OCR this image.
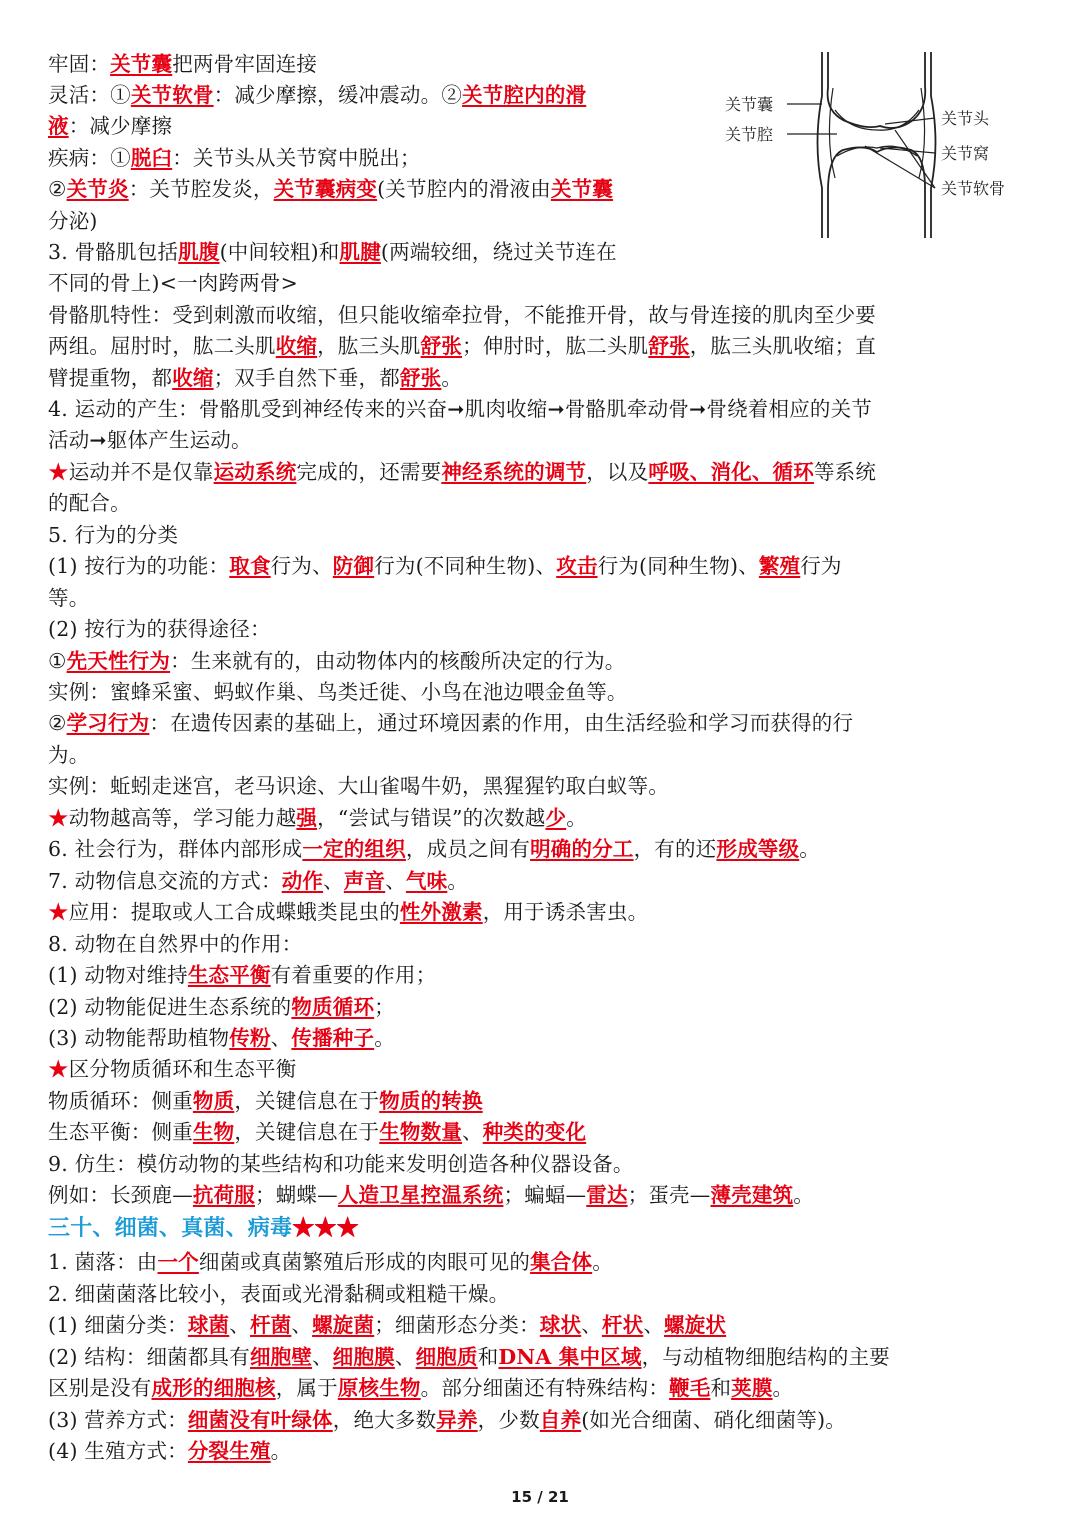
关节囊
关节腔
关节头
关节窝
关节软骨
牢固：关节囊把两骨牢固连接
灵活：①关节软骨：减少摩擦，缓冲震动。②关节腔内的滑
液：减少摩擦
疾病：①脱臼：关节头从关节窝中脱出；
②关节炎：关节腔发炎，关节囊病变(关节腔内的滑液由关节囊
分泌)
3. 骨骼肌包括肌腹(中间较粗)和肌腱(两端较细，绕过关节连在
不同的骨上)<一肉跨两骨>
骨骼肌特性：受到刺激而收缩，但只能收缩牵拉骨，不能推开骨，故与骨连接的肌肉至少要
两组。屈肘时，肱二头肌收缩，肱三头肌舒张；伸肘时，肱二头肌舒张，肱三头肌收缩；直
臂提重物，都收缩；双手自然下垂，都舒张。
4. 运动的产生：骨骼肌受到神经传来的兴奋➞肌肉收缩➞骨骼肌牵动骨➞骨绕着相应的关节
活动➞躯体产生运动。
★运动并不是仅靠运动系统完成的，还需要神经系统的调节，以及呼吸、消化、循环等系统
的配合。
5. 行为的分类
(1) 按行为的功能：取食行为、防御行为(不同种生物)、攻击行为(同种生物)、繁殖行为
等。
(2) 按行为的获得途径：
①先天性行为：生来就有的，由动物体内的核酸所决定的行为。
实例：蜜蜂采蜜、蚂蚁作巢、鸟类迁徙、小鸟在池边喂金鱼等。
②学习行为：在遗传因素的基础上，通过环境因素的作用，由生活经验和学习而获得的行
为。
实例：蚯蚓走迷宫，老马识途、大山雀喝牛奶，黑猩猩钓取白蚁等。
★动物越高等，学习能力越强，“尝试与错误”的次数越少。
6. 社会行为，群体内部形成一定的组织，成员之间有明确的分工，有的还形成等级。
7. 动物信息交流的方式：动作、声音、气味。
★应用：提取或人工合成蝶蛾类昆虫的性外激素，用于诱杀害虫。
8. 动物在自然界中的作用：
(1) 动物对维持生态平衡有着重要的作用；
(2) 动物能促进生态系统的物质循环；
(3) 动物能帮助植物传粉、传播种子。
★区分物质循环和生态平衡
物质循环：侧重物质，关键信息在于物质的转换
生态平衡：侧重生物，关键信息在于生物数量、种类的变化
9. 仿生：模仿动物的某些结构和功能来发明创造各种仪器设备。
例如：长颈鹿—抗荷服；蝴蝶—人造卫星控温系统；蝙蝠—雷达；蛋壳—薄壳建筑。
1. 菌落：由一个细菌或真菌繁殖后形成的肉眼可见的集合体。
2. 细菌菌落比较小，表面或光滑黏稠或粗糙干燥。
(1) 细菌分类：球菌、杆菌、螺旋菌；细菌形态分类：球状、杆状、螺旋状
(2) 结构：细菌都具有细胞壁、细胞膜、细胞质和DNA 集中区域，与动植物细胞结构的主要
区别是没有成形的细胞核，属于原核生物。部分细菌还有特殊结构：鞭毛和荚膜。
(3) 营养方式：细菌没有叶绿体，绝大多数异养，少数自养(如光合细菌、硝化细菌等)。
(4) 生殖方式：分裂生殖。
三十、细菌、真菌、病毒★★★
15 / 21
